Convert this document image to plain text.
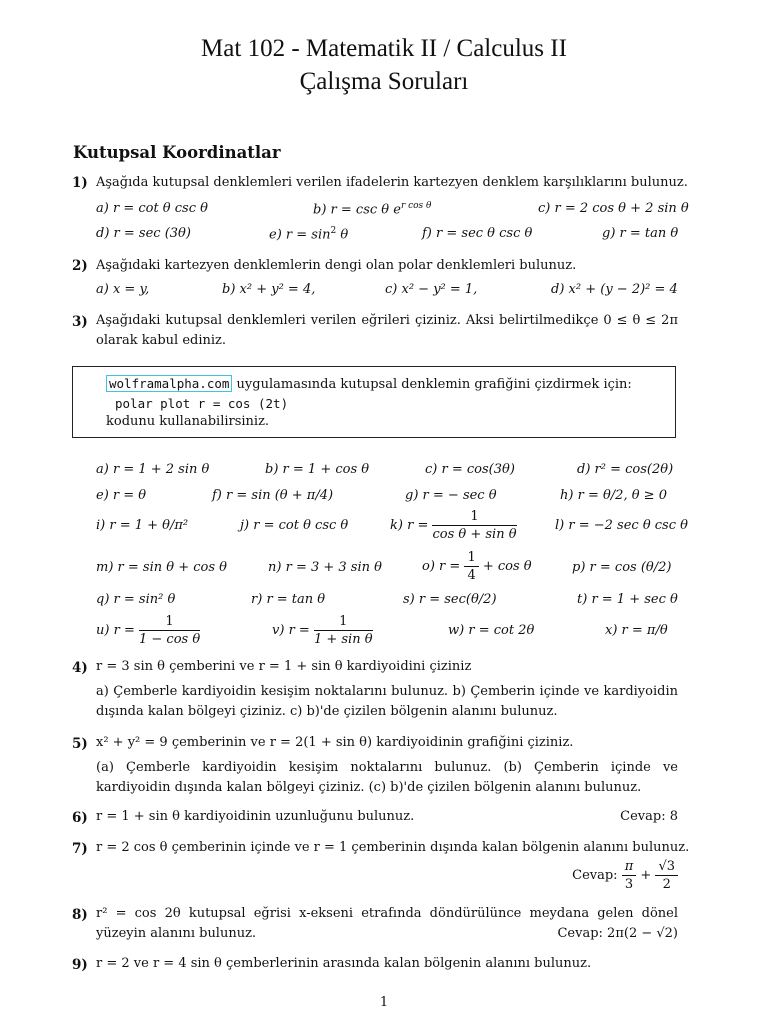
Mat 102 - Matematik II / Calculus II
Çalışma Soruları
Kutupsal Koordinatlar
1) Aşağıda kutupsal denklemleri verilen ifadelerin kartezyen denklem karşılıklarını bulunuz.
a) r = cot θ csc θ	b) r = csc θ $e^{r cos \theta}$	c) r = 2 cos θ + 2 sin θ
d) r = sec (3θ)	e) $r = \sin^2 \theta$	f) r = sec θ csc θ	g) r = tan θ
2) Aşağıdaki kartezyen denklemlerin dengi olan polar denklemleri bulunuz.
a) x = y,	b) x² + y² = 4,	c) x² − y² = 1,	d) x² + (y − 2)² = 4
3) Aşağıdaki kutupsal denklemleri verilen eğrileri çiziniz. Aksi belirtilmedikçe 0 ≤ θ ≤ 2π olarak kabul ediniz.
wolframalpha.com uygulamasında kutupsal denklemin grafiğini çizdirmek için:
polar plot r = cos (2t)
kodunu kullanabilirsiniz.
a) r = 1 + 2 sin θ	b) r = 1 + cos θ	c) r = cos(3θ)	d) r² = cos(2θ)
e) r = θ	f) r = sin (θ + π/4)	g) r = − sec θ	h) r = θ/2, θ ≥ 0
i) r = 1 + θ/π²	j) r = cot θ csc θ	k) $r = \frac{1}{\text{cos θ + sin θ}}$	l) r = −2 sec θ csc θ
m) r = sin θ + cos θ	n) r = 3 + 3 sin θ	o) $r = \frac{1}{4} + \cos \theta$	p) r = cos (θ/2)
q) r = sin² θ	r) r = tan θ	s) r = sec(θ/2)	t) r = 1 + sec θ
u) $r = \frac{1}{\text{1 − cos θ}}$	v) $r = \frac{1}{\text{1 + sin θ}}$	w) r = cot 2θ	x) r = π/θ
4) r = 3 sin θ çemberini ve r = 1 + sin θ kardiyoidini çiziniz
a) Çemberle kardiyoidin kesişim noktalarını bulunuz. b) Çemberin içinde ve kardiyoidin dışında kalan bölgeyi çiziniz. c) b)'de çizilen bölgenin alanını bulunuz.
5) x² + y² = 9 çemberinin ve r = 2(1 + sin θ) kardiyoidinin grafiğini çiziniz.
(a) Çemberle kardiyoidin kesişim noktalarını bulunuz. (b) Çemberin içinde ve kardiyoidin dışında kalan bölgeyi çiziniz. (c) b)'de çizilen bölgenin alanını bulunuz.
6) r = 1 + sin θ kardiyoidinin uzunluğunu bulunuz.	Cevap: 8
7) r = 2 cos θ çemberinin içinde ve r = 1 çemberinin dışında kalan bölgenin alanını bulunuz.
Cevap: $\frac{\pi}{3} + \frac{√3}{2}$
8) r² = cos 2θ kutupsal eğrisi x-ekseni etrafında döndürülünce meydana gelen dönel yüzeyin alanını bulunuz.	Cevap: 2π(2 − √2)
9) r = 2 ve r = 4 sin θ çemberlerinin arasında kalan bölgenin alanını bulunuz.
1
